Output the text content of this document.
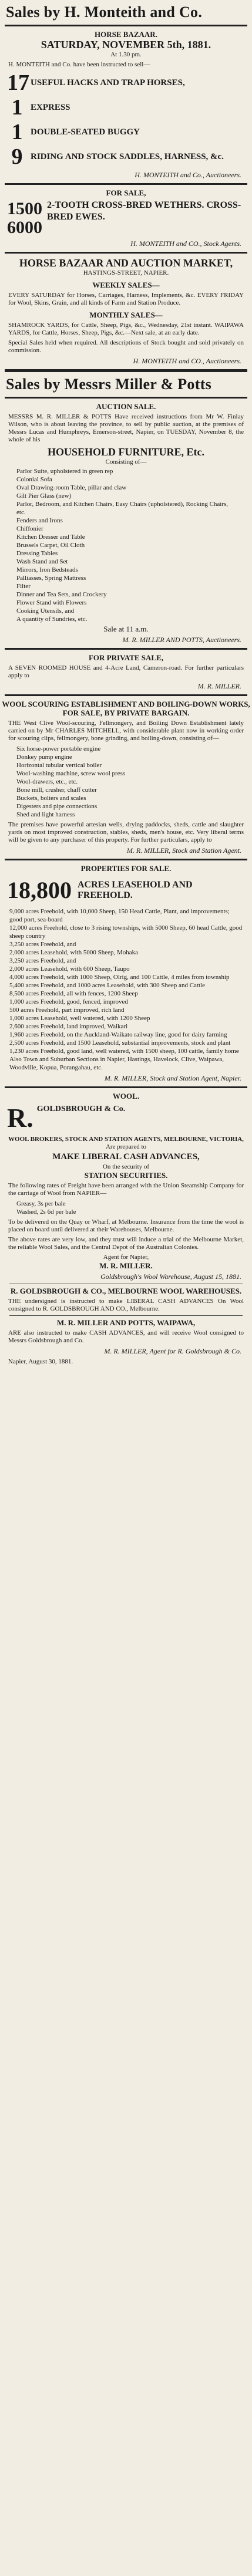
Sales by H. Monteith and Co.
HORSE BAZAAR.
SATURDAY, NOVEMBER 5th, 1881.
At 1.30 pm.
H. MONTEITH and Co. have been instructed to sell—
17 USEFUL HACKS AND TRAP HORSES,
1 EXPRESS
1 DOUBLE-SEATED BUGGY
9 RIDING AND STOCK SADDLES, HARNESS, &c.
H. MONTEITH and Co., Auctioneers.
FOR SALE,
1500
6000
2-TOOTH CROSS-BRED WETHERS. CROSS-BRED EWES.
H. MONTEITH and CO., Stock Agents.
HORSE BAZAAR AND AUCTION MARKET,
HASTINGS-STREET, NAPIER.
WEEKLY SALES—
EVERY SATURDAY for Horses, Carriages, Harness, Implements, &c. EVERY FRIDAY for Wool, Skins, Grain, and all kinds of Farm and Station Produce.
MONTHLY SALES—
SHAMROCK YARDS, for Cattle, Sheep, Pigs, &c., Wednesday, 21st instant. WAIPAWA YARDS, for Cattle, Horses, Sheep, Pigs, &c.—Next sale, at an early date.
Special Sales held when required. All descriptions of Stock bought and sold privately on commission.
H. MONTEITH and CO., Auctioneers.
Sales by Messrs Miller & Potts
AUCTION SALE.
MESSRS M. R. MILLER & POTTS Have received instructions from Mr W. Finlay Wilson, who is about leaving the province, to sell by public auction, at the premises of Messrs Lucas and Humphreys, Emerson-street, Napier, on TUESDAY, November 8, the whole of his
HOUSEHOLD FURNITURE, Etc.
Consisting of—
Parlor Suite, upholstered in green rep
Colonial Sofa
Oval Drawing-room Table, pillar and claw
Gilt Pier Glass (new)
Parlor, Bedroom, and Kitchen Chairs, Easy Chairs (upholstered), Rocking Chairs, etc.
Fenders and Irons
Chiffonier
Kitchen Dresser and Table
Brussels Carpet, Oil Cloth
Dressing Tables
Wash Stand and Set
Mirrors, Iron Bedsteads
Palliasses, Spring Mattress
Filter
Dinner and Tea Sets, and Crockery
Flower Stand with Flowers
Cooking Utensils, and
A quantity of Sundries, etc.
Sale at 11 a.m.
M. R. MILLER AND POTTS, Auctioneers.
FOR PRIVATE SALE,
A SEVEN ROOMED HOUSE and 4-Acre Land, Cameron-road. For further particulars apply to
M. R. MILLER.
WOOL SCOURING ESTABLISHMENT AND BOILING-DOWN WORKS, FOR SALE, BY PRIVATE BARGAIN.
THE West Clive Wool-scouring, Fellmongery, and Boiling Down Establishment lately carried on by Mr CHARLES MITCHELL, with considerable plant now in working order for scouring clips, fellmongery, bone grinding, and boiling-down, consisting of—
Six horse-power portable engine
Donkey pump engine
Horizontal tubular vertical boiler
Wool-washing machine, screw wool press
Wool-drawers, etc., etc.
Bone mill, crusher, chaff cutter
Buckets, bolters and scales
Digesters and pipe connections
Shed and light harness
The premises have powerful artesian wells, drying paddocks, sheds, cattle and slaughter yards on most improved construction, stables, sheds, men's house, etc. Very liberal terms will be given to any purchaser of this property. For further particulars, apply to
M. R. MILLER, Stock and Station Agent.
PROPERTIES FOR SALE.
18,800 ACRES LEASEHOLD AND FREEHOLD.
9,000 acres Freehold, with 10,000 Sheep, 150 Head Cattle, Plant, and improvements; good port, sea-board
12,000 acres Freehold, close to 3 rising townships, with 5000 Sheep, 60 head Cattle, good sheep country
3,250 acres Freehold, and
2,000 acres Leasehold, with 5000 Sheep, Mohaka
3,250 acres Freehold, and
2,000 acres Leasehold, with 600 Sheep, Taupo
4,000 acres Freehold, with 1000 Sheep, Olrig, and 100 Cattle, 4 miles from township
5,400 acres Freehold, and 1000 acres Leasehold, with 300 Sheep and Cattle
8,500 acres Freehold, all with fences, 1200 Sheep
1,000 acres Freehold, good, fenced, improved
500 acres Freehold, part improved, rich land
1,000 acres Leasehold, well watered, with 1200 Sheep
2,600 acres Freehold, land improved, Waikari
1,960 acres Freehold, on the Auckland-Waikato railway line, good for dairy farming
2,500 acres Freehold, and 1500 Leasehold, substantial improvements, stock and plant
1,230 acres Freehold, good land, well watered, with 1500 sheep, 100 cattle, family home
Also Town and Suburban Sections in Napier, Hastings, Havelock, Clive, Waipawa, Woodville, Kopua, Porangahau, etc.
M. R. MILLER, Stock and Station Agent, Napier.
WOOL.
R. GOLDSBROUGH & Co.
WOOL BROKERS, STOCK AND STATION AGENTS, MELBOURNE, VICTORIA,
Are prepared to
MAKE LIBERAL CASH ADVANCES,
On the security of
STATION SECURITIES.
The following rates of Freight have been arranged with the Union Steamship Company for the carriage of Wool from NAPIER—
Greasy, 3s per bale
Washed, 2s 6d per bale
To be delivered on the Quay or Wharf, at Melbourne. Insurance from the time the wool is placed on board until delivered at their Warehouses, Melbourne.
The above rates are very low, and they trust will induce a trial of the Melbourne Market, the reliable Wool Sales, and the Central Depot of the Australian Colonies.
Agent for Napier,
M. R. MILLER.
Goldsbrough's Wool Warehouse, August 15, 1881.
R. GOLDSBROUGH & CO., MELBOURNE WOOL WAREHOUSES.
THE undersigned is instructed to make LIBERAL CASH ADVANCES On Wool consigned to R. GOLDSBROUGH AND CO., Melbourne.
M. R. MILLER AND POTTS, WAIPAWA,
ARE also instructed to make CASH ADVANCES, and will receive Wool consigned to Messrs Goldsbrough and Co.
M. R. MILLER, Agent for R. Goldsbrough & Co.
Napier, August 30, 1881.
